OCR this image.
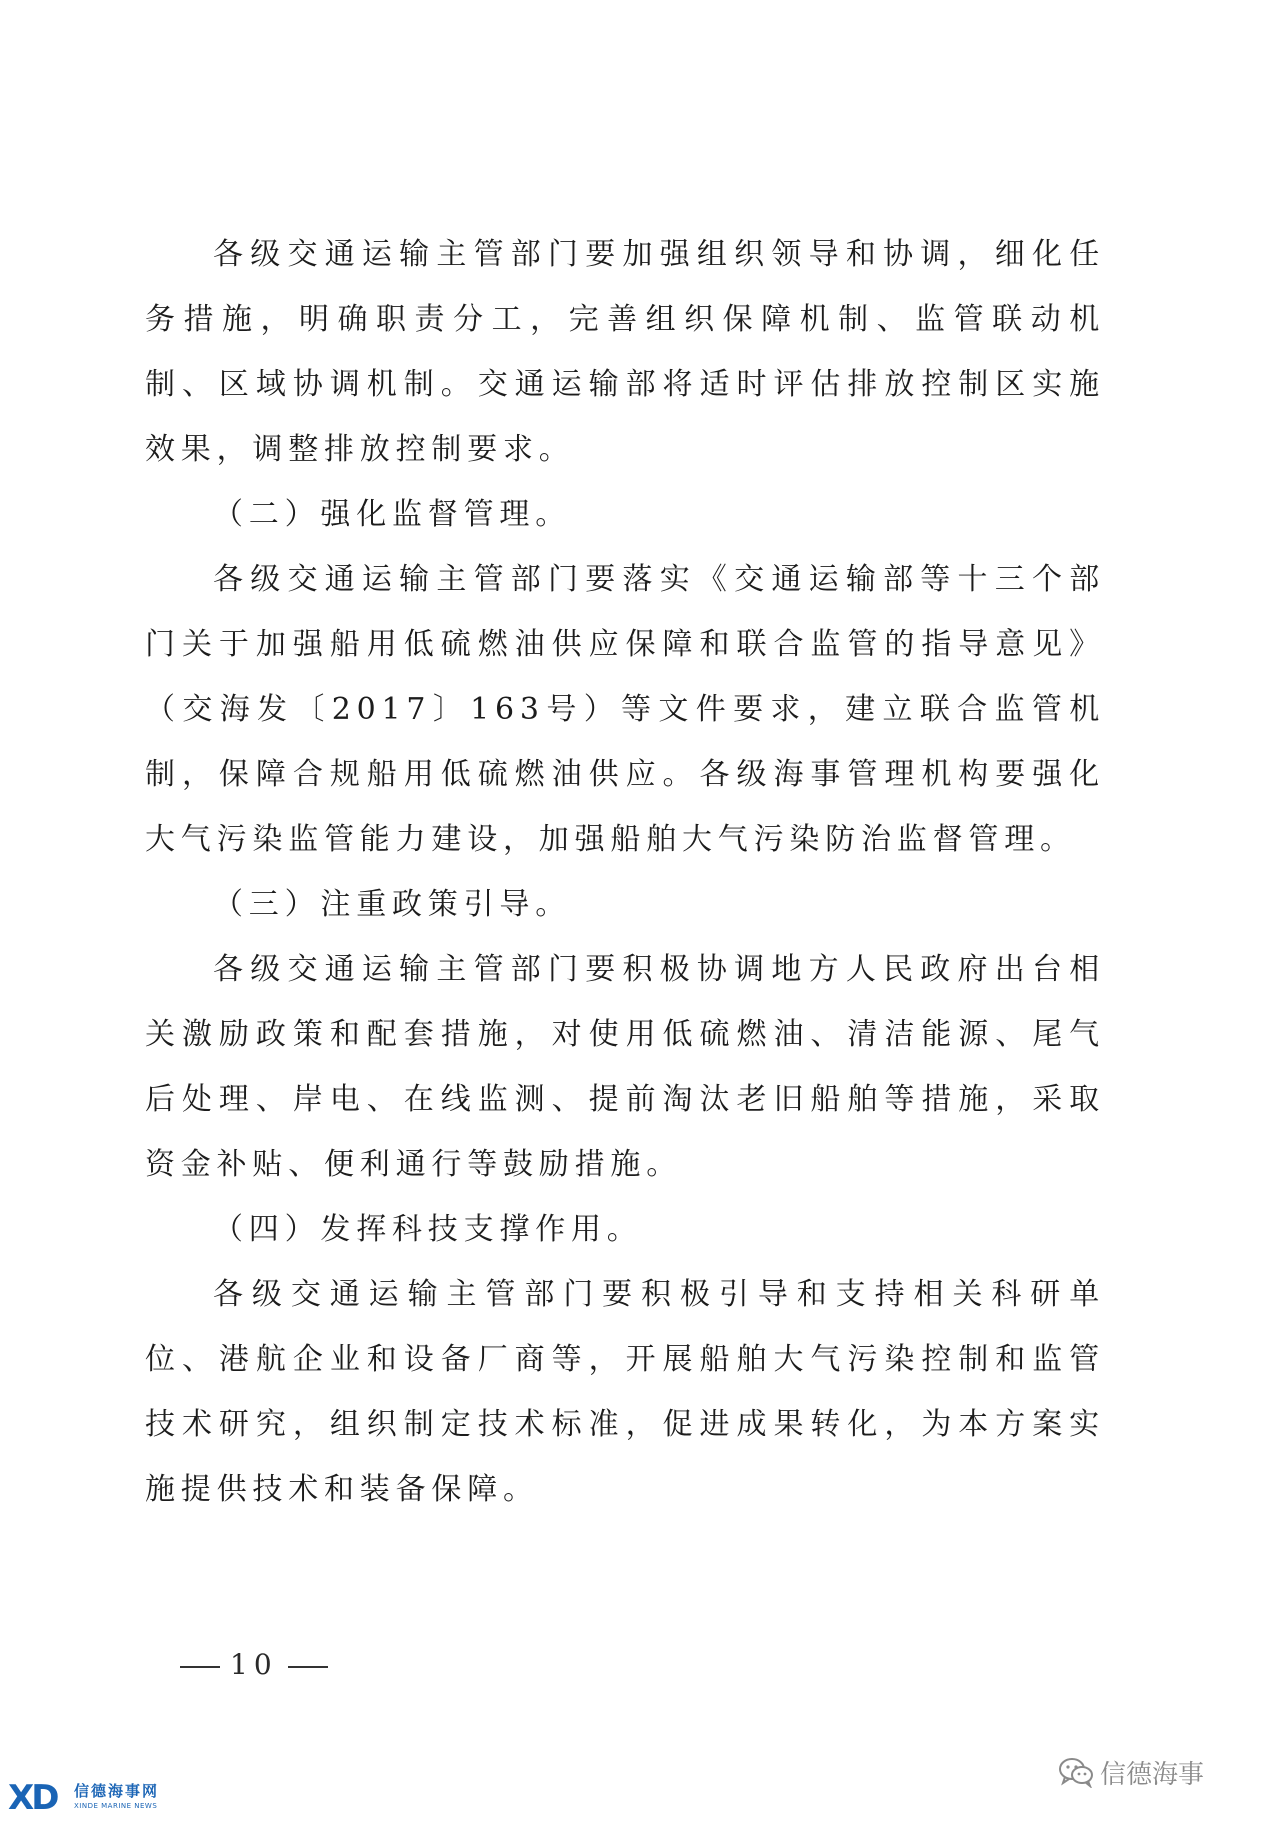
各级交通运输主管部门要加强组织领导和协调，细化任务措施，明确职责分工，完善组织保障机制、监管联动机制、区域协调机制。交通运输部将适时评估排放控制区实施效果，调整排放控制要求。

（二）强化监督管理。

各级交通运输主管部门要落实《交通运输部等十三个部门关于加强船用低硫燃油供应保障和联合监管的指导意见》（交海发〔2017〕163号）等文件要求，建立联合监管机制，保障合规船用低硫燃油供应。各级海事管理机构要强化大气污染监管能力建设，加强船舶大气污染防治监督管理。

（三）注重政策引导。

各级交通运输主管部门要积极协调地方人民政府出台相关激励政策和配套措施，对使用低硫燃油、清洁能源、尾气后处理、岸电、在线监测、提前淘汰老旧船舶等措施，采取资金补贴、便利通行等鼓励措施。

（四）发挥科技支撑作用。

各级交通运输主管部门要积极引导和支持相关科研单位、港航企业和设备厂商等，开展船舶大气污染控制和监管技术研究，组织制定技术标准，促进成果转化，为本方案实施提供技术和装备保障。

10
XD 信德海事网
XINDE MARINE NEWS
信德海事
